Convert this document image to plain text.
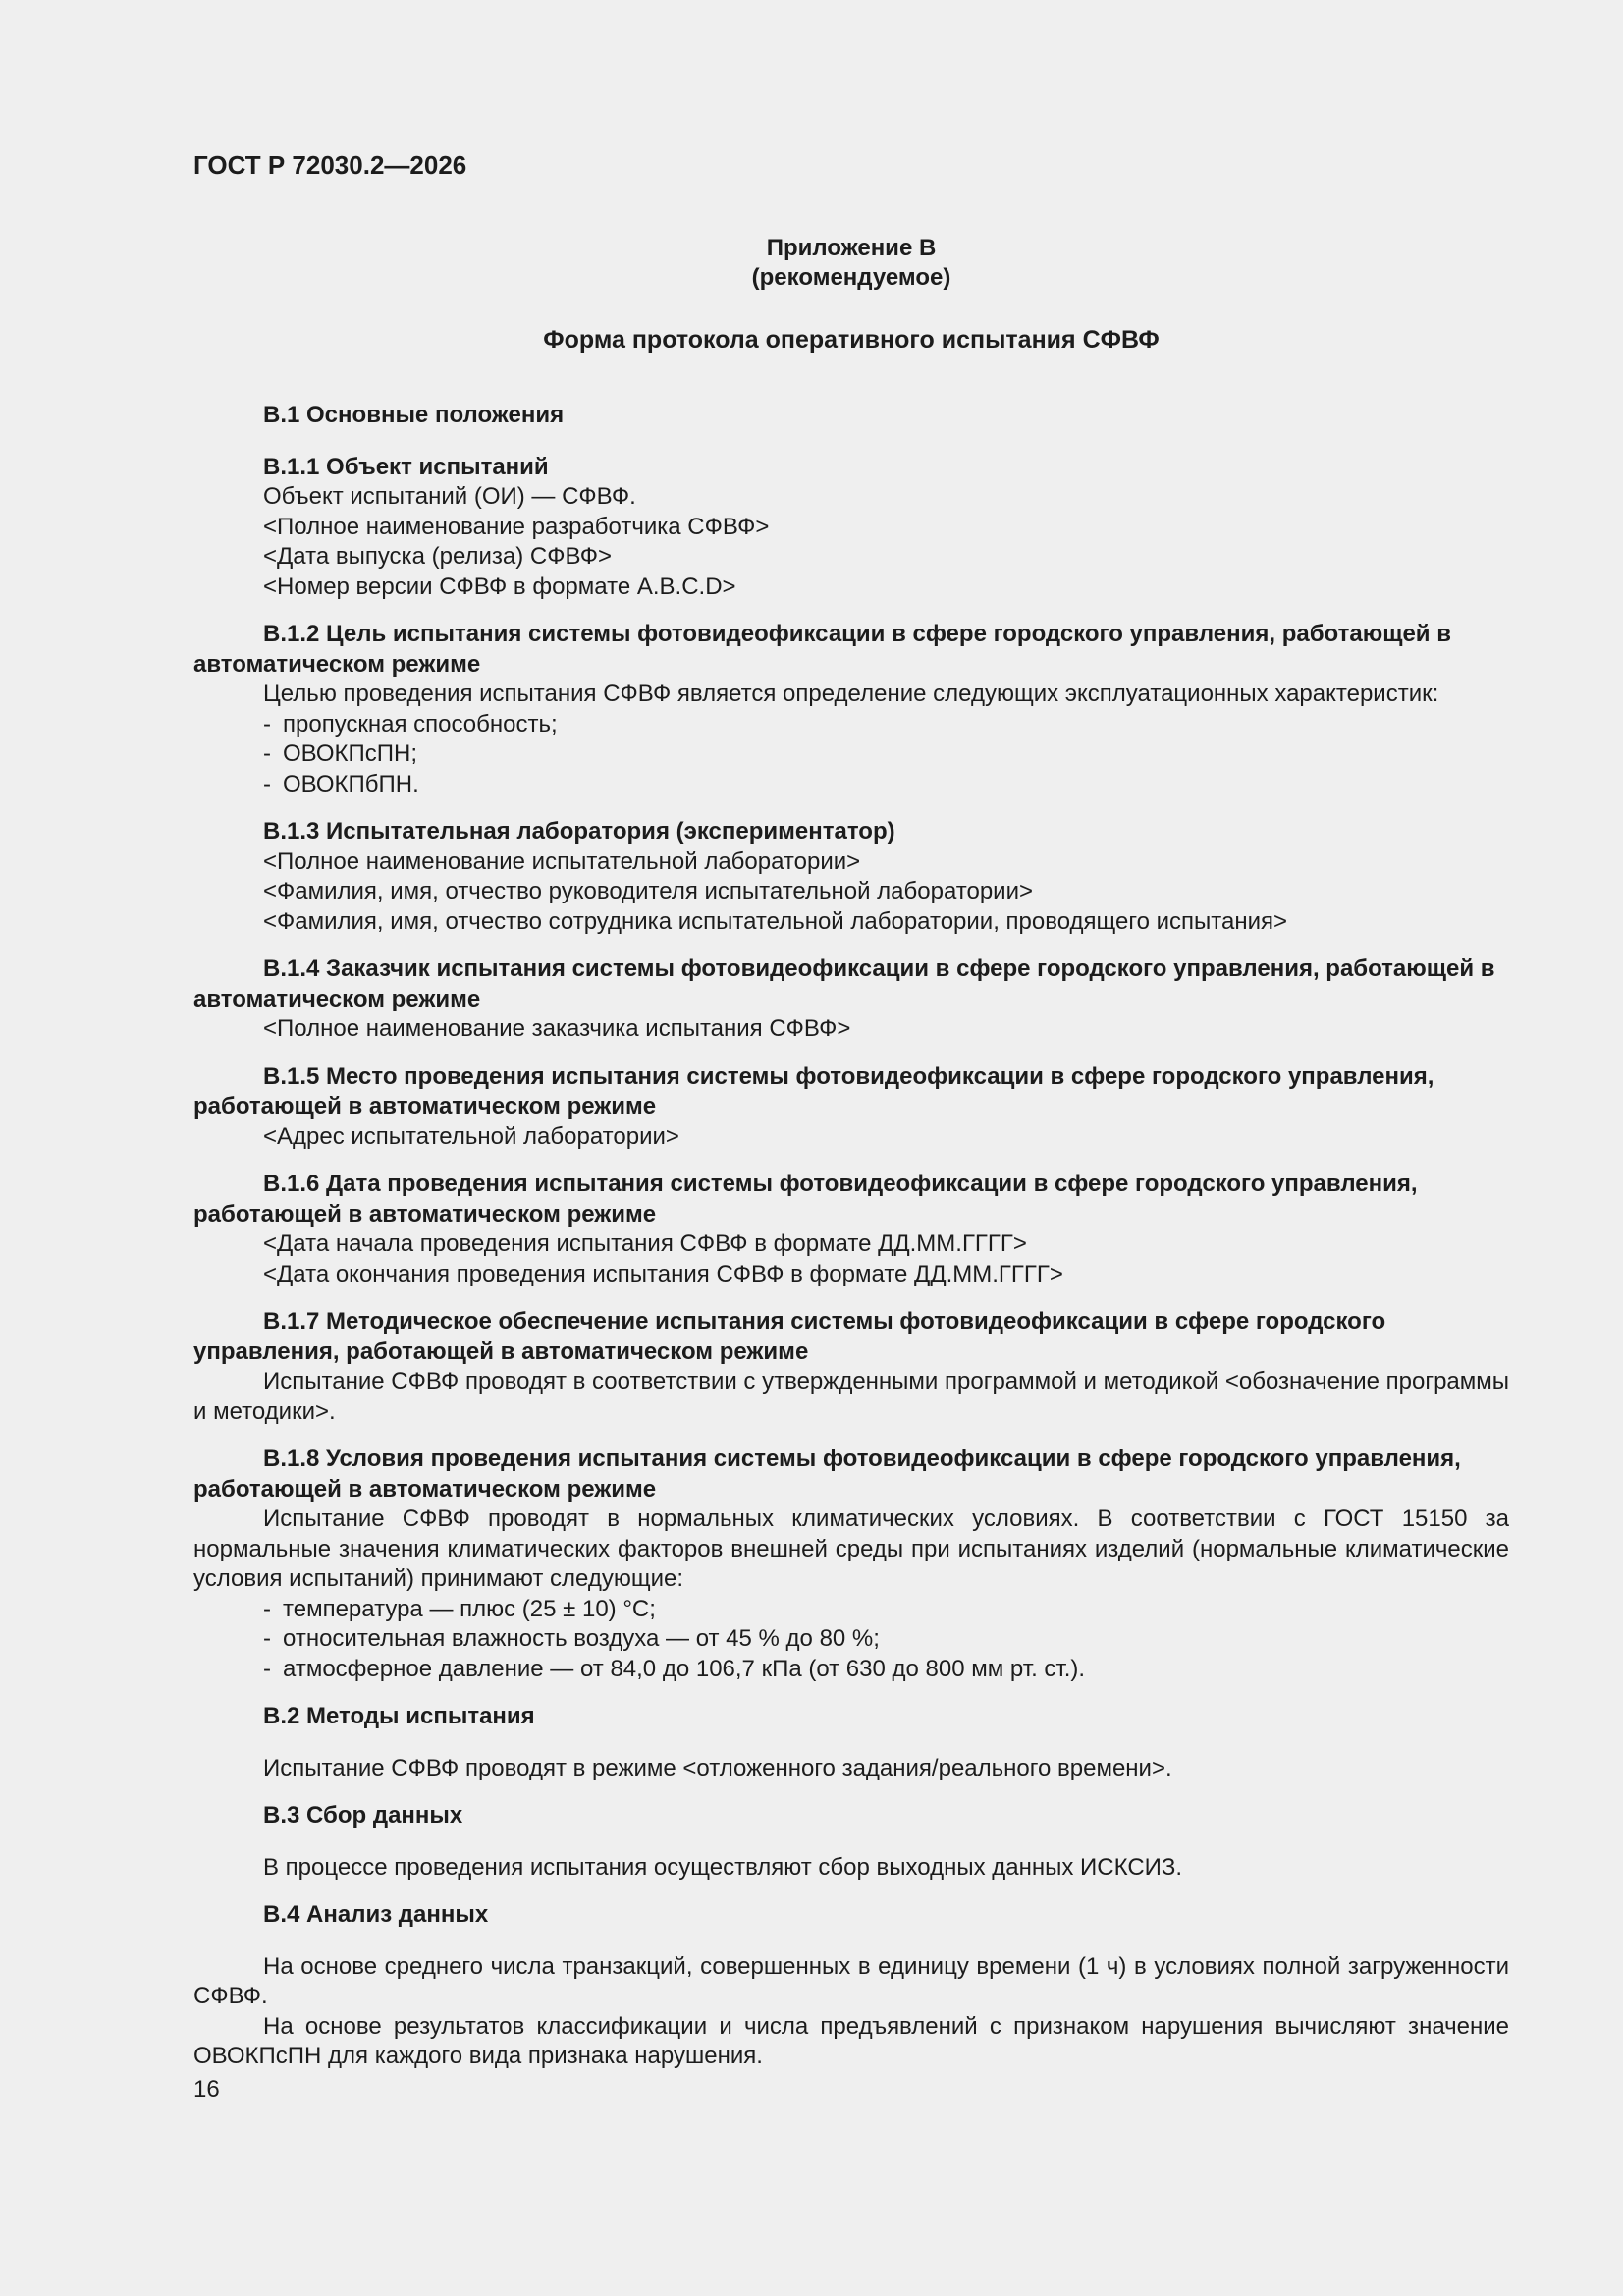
ГОСТ Р 72030.2—2026
Приложение В
(рекомендуемое)
Форма протокола оперативного испытания СФВФ
В.1 Основные положения
В.1.1 Объект испытаний
Объект испытаний (ОИ) — СФВФ.
<Полное наименование разработчика СФВФ>
<Дата выпуска (релиза) СФВФ>
<Номер версии СФВФ в формате A.B.C.D>
В.1.2 Цель испытания системы фотовидеофиксации в сфере городского управления, работающей в автоматическом режиме
Целью проведения испытания СФВФ является определение следующих эксплуатационных характеристик:
- пропускная способность;
- ОВОКПсПН;
- ОВОКПбПН.
В.1.3 Испытательная лаборатория (экспериментатор)
<Полное наименование испытательной лаборатории>
<Фамилия, имя, отчество руководителя испытательной лаборатории>
<Фамилия, имя, отчество сотрудника испытательной лаборатории, проводящего испытания>
В.1.4 Заказчик испытания системы фотовидеофиксации в сфере городского управления, работающей в автоматическом режиме
<Полное наименование заказчика испытания СФВФ>
В.1.5 Место проведения испытания системы фотовидеофиксации в сфере городского управления, работающей в автоматическом режиме
<Адрес испытательной лаборатории>
В.1.6 Дата проведения испытания системы фотовидеофиксации в сфере городского управления, работающей в автоматическом режиме
<Дата начала проведения испытания СФВФ в формате ДД.ММ.ГГГГ>
<Дата окончания проведения испытания СФВФ в формате ДД.ММ.ГГГГ>
В.1.7 Методическое обеспечение испытания системы фотовидеофиксации в сфере городского управления, работающей в автоматическом режиме
Испытание СФВФ проводят в соответствии с утвержденными программой и методикой <обозначение программы и методики>.
В.1.8 Условия проведения испытания системы фотовидеофиксации в сфере городского управления, работающей в автоматическом режиме
Испытание СФВФ проводят в нормальных климатических условиях. В соответствии с ГОСТ 15150 за нормальные значения климатических факторов внешней среды при испытаниях изделий (нормальные климатические условия испытаний) принимают следующие:
- температура — плюс (25 ± 10) °С;
- относительная влажность воздуха — от 45 % до 80 %;
- атмосферное давление — от 84,0 до 106,7 кПа (от 630 до 800 мм рт. ст.).
В.2 Методы испытания
Испытание СФВФ проводят в режиме <отложенного задания/реального времени>.
В.3 Сбор данных
В процессе проведения испытания осуществляют сбор выходных данных ИСКСИЗ.
В.4 Анализ данных
На основе среднего числа транзакций, совершенных в единицу времени (1 ч) в условиях полной загруженности СФВФ.
На основе результатов классификации и числа предъявлений с признаком нарушения вычисляют значение ОВОКПсПН для каждого вида признака нарушения.
16
